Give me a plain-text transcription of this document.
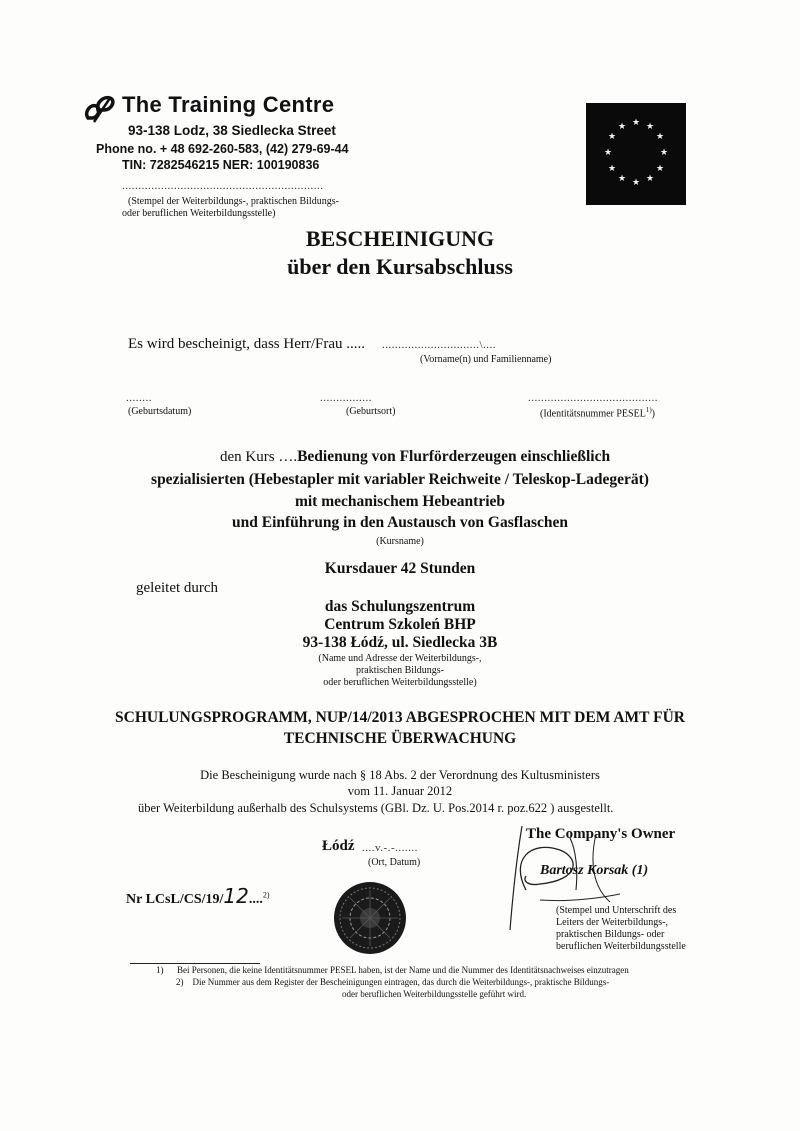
The Training Centre
93-138 Lodz, 38 Siedlecka Street
Phone no. + 48 692-260-583, (42) 279-69-44
TIN: 7282546215 NER: 100190836
..............................................................
(Stempel der Weiterbildungs-, praktischen Bildungs-
oder beruflichen Weiterbildungsstelle)
★ ★
★
★
★
★
★
★
★
★
★
★
BESCHEINIGUNG
über den Kursabschluss
Es wird bescheinigt, dass Herr/Frau ..... ..............................\....
(Vorname(n) und Familienname)
........
(Geburtsdatum)
................
(Geburtsort)
........................................
(Identitätsnummer PESEL$^{1)}$)
den Kurs ….Bedienung von Flurförderzeugen einschließlich
spezialisierten (Hebestapler mit variabler Reichweite / Teleskop-Ladegerät)
mit mechanischem Hebeantrieb
und Einführung in den Austausch von Gasflaschen
(Kursname)
Kursdauer 42 Stunden
geleitet durch
das Schulungszentrum
Centrum Szkoleń BHP
93-138 Łódź, ul. Siedlecka 3B
(Name und Adresse der Weiterbildungs-,
praktischen Bildungs-
oder beruflichen Weiterbildungsstelle)
SCHULUNGSPROGRAMM, NUP/14/2013 ABGESPROCHEN MIT DEM AMT FÜR
TECHNISCHE ÜBERWACHUNG
Die Bescheinigung wurde nach § 18 Abs. 2 der Verordnung des Kultusministers
vom 11. Januar 2012
über Weiterbildung außerhalb des Schulsystems (GBl. Dz. U. Pos.2014 r. poz.622 ) ausgestellt.
Łódź ....v.-.-.......
(Ort, Datum)
Nr LCsL/CS/19/12....$^{2)}$
The Company's Owner
Bartosz Korsak (1)
(Stempel und Unterschrift des
Leiters der Weiterbildungs-,
praktischen Bildungs- oder
beruflichen Weiterbildungsstelle
1) Bei Personen, die keine Identitätsnummer PESEL haben, ist der Name und die Nummer des Identitätsnachweises einzutragen
2) Die Nummer aus dem Register der Bescheinigungen eintragen, das durch die Weiterbildungs-, praktische Bildungs-
oder beruflichen Weiterbildungsstelle geführt wird.
